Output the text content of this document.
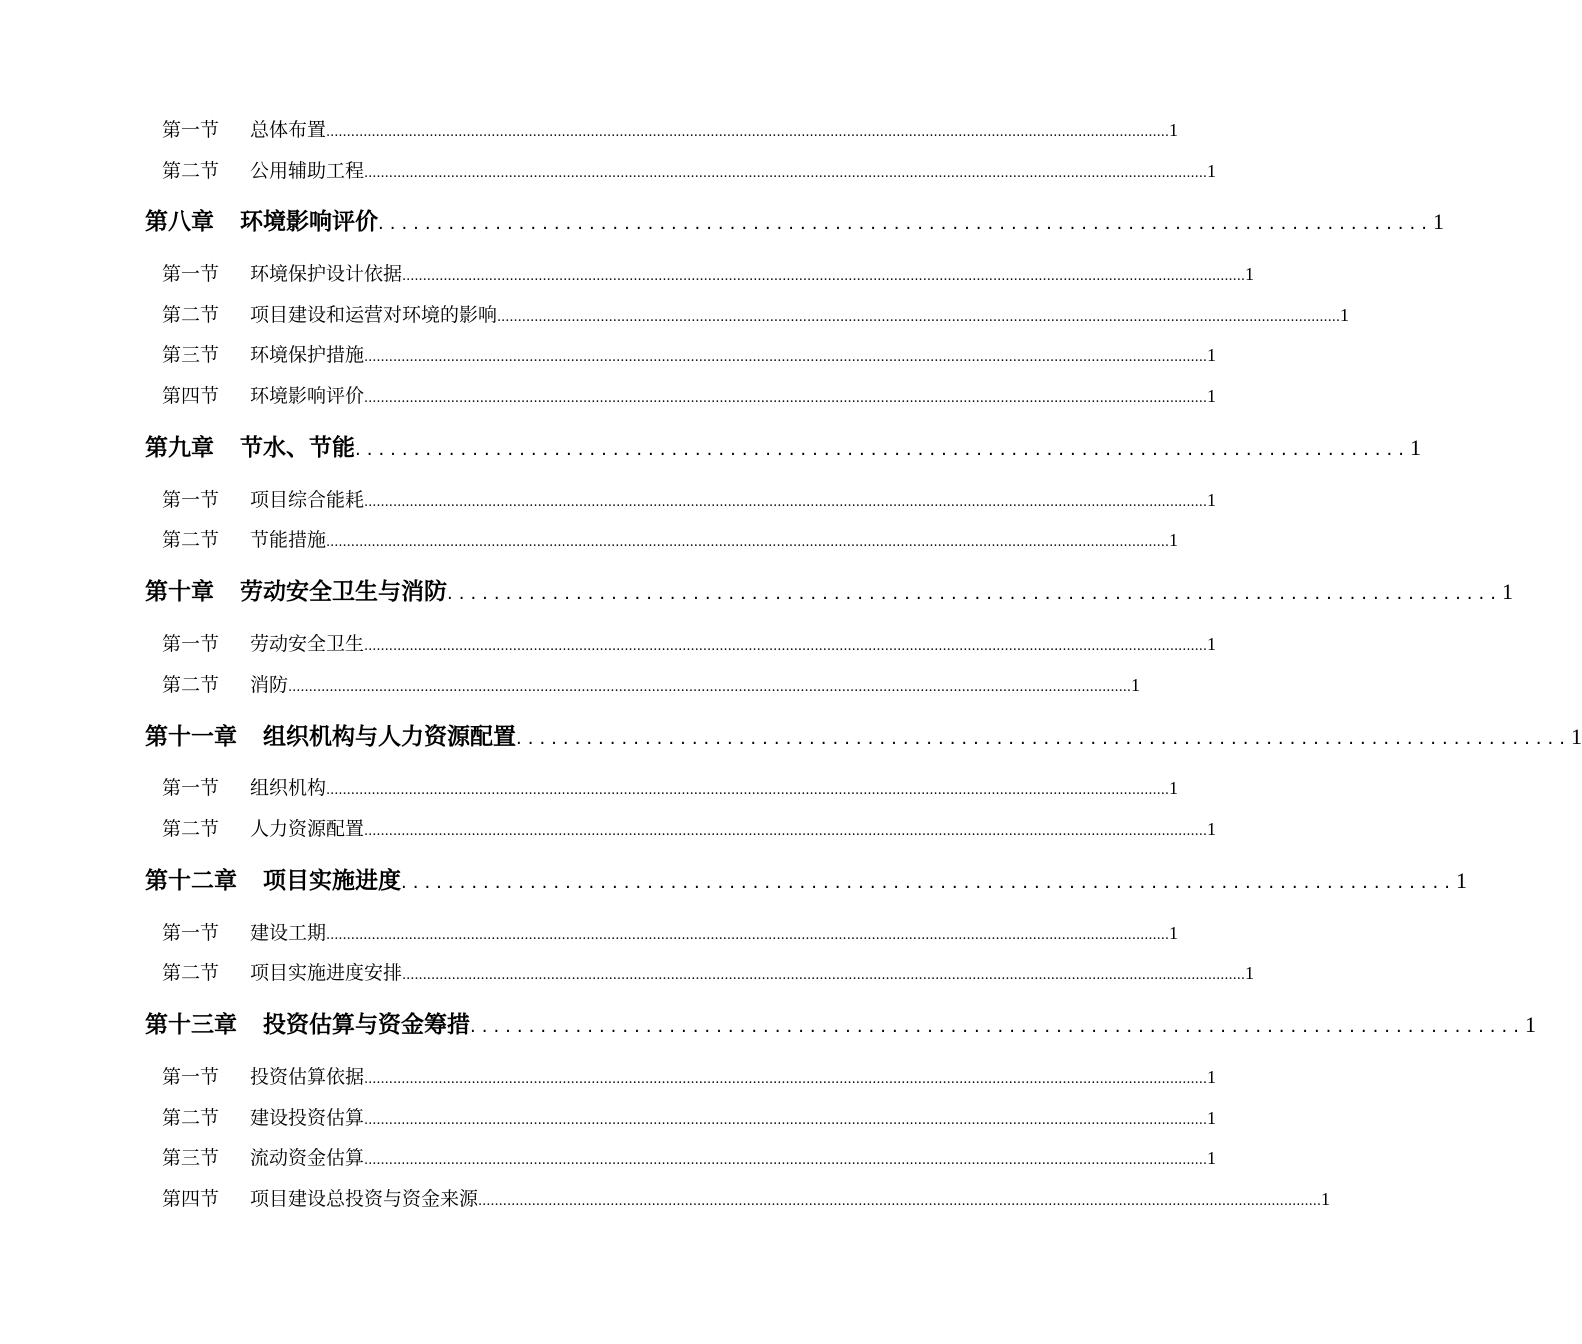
第一节	总体布置 ............................................................................................................................................................................................................ 1
第二节	公用辅助工程 ............................................................................................................................................................................................................ 1
第八章 环境影响评价 .......................................................................................... 1
第一节	环境保护设计依据 ............................................................................................................................................................................................................ 1
第二节	项目建设和运营对环境的影响 ............................................................................................................................................................................................................ 1
第三节	环境保护措施 ............................................................................................................................................................................................................ 1
第四节	环境影响评价 ............................................................................................................................................................................................................ 1
第九章 节水、节能 .......................................................................................... 1
第一节	项目综合能耗 ............................................................................................................................................................................................................ 1
第二节	节能措施 ............................................................................................................................................................................................................ 1
第十章 劳动安全卫生与消防 .......................................................................................... 1
第一节	劳动安全卫生 ............................................................................................................................................................................................................ 1
第二节	消防 ............................................................................................................................................................................................................ 1
第十一章 组织机构与人力资源配置 .......................................................................................... 1
第一节	组织机构 ............................................................................................................................................................................................................ 1
第二节	人力资源配置 ............................................................................................................................................................................................................ 1
第十二章 项目实施进度 .......................................................................................... 1
第一节	建设工期 ............................................................................................................................................................................................................ 1
第二节	项目实施进度安排 ............................................................................................................................................................................................................ 1
第十三章 投资估算与资金筹措 .......................................................................................... 1
第一节	投资估算依据 ............................................................................................................................................................................................................ 1
第二节	建设投资估算 ............................................................................................................................................................................................................ 1
第三节	流动资金估算 ............................................................................................................................................................................................................ 1
第四节	项目建设总投资与资金来源 ............................................................................................................................................................................................................ 1
